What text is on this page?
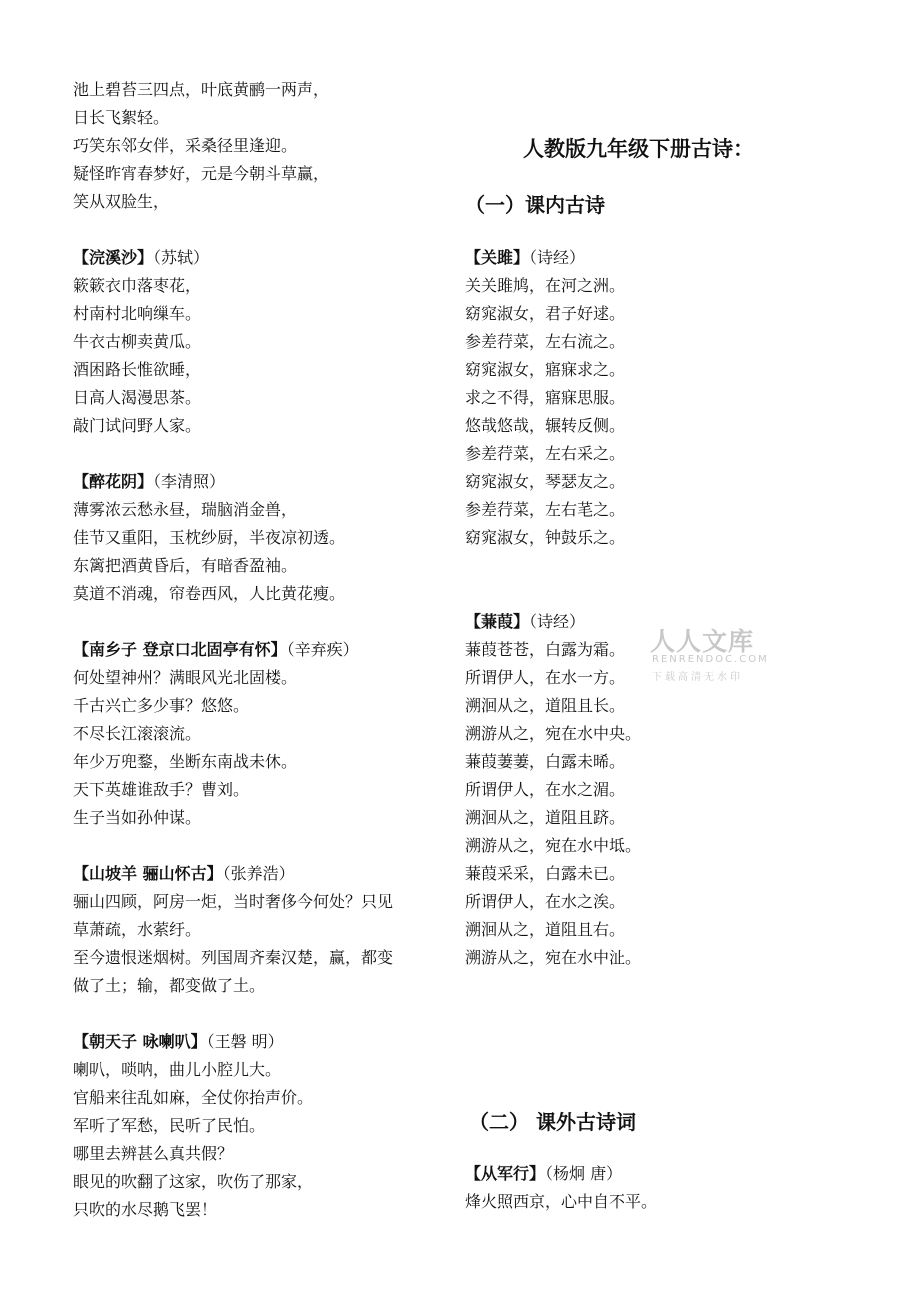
池上碧苔三四点，叶底黄鹂一两声，
日长飞絮轻。
巧笑东邻女伴，采桑径里逢迎。
疑怪昨宵春梦好，元是今朝斗草赢，
笑从双脸生，
【浣溪沙】（苏轼）
簌簌衣巾落枣花，
村南村北响缫车。
牛衣古柳卖黄瓜。
酒困路长惟欲睡，
日高人渴漫思茶。
敲门试问野人家。
【醉花阴】（李清照）
薄雾浓云愁永昼，瑞脑消金兽，
佳节又重阳，玉枕纱厨，半夜凉初透。
东篱把酒黄昏后，有暗香盈袖。
莫道不消魂，帘卷西风，人比黄花瘦。
【南乡子 登京口北固亭有怀】（辛弃疾）
何处望神州？满眼风光北固楼。
千古兴亡多少事？悠悠。
不尽长江滚滚流。
年少万兜鍪，坐断东南战未休。
天下英雄谁敌手？曹刘。
生子当如孙仲谋。
【山坡羊 骊山怀古】（张养浩）
骊山四顾，阿房一炬，当时奢侈今何处？只见
草萧疏，水萦纡。
至今遗恨迷烟树。列国周齐秦汉楚，赢，都变
做了土；输，都变做了土。
【朝天子 咏喇叭】（王磐 明）
喇叭，唢呐，曲儿小腔儿大。
官船来往乱如麻，全仗你抬声价。
军听了军愁，民听了民怕。
哪里去辨甚么真共假？
眼见的吹翻了这家，吹伤了那家，
只吹的水尽鹅飞罢！
人教版九年级下册古诗：
（一）课内古诗
【关雎】（诗经）
关关雎鸠，在河之洲。
窈窕淑女，君子好逑。
参差荇菜，左右流之。
窈窕淑女，寤寐求之。
求之不得，寤寐思服。
悠哉悠哉，辗转反侧。
参差荇菜，左右采之。
窈窕淑女，琴瑟友之。
参差荇菜，左右芼之。
窈窕淑女，钟鼓乐之。
【蒹葭】（诗经）
蒹葭苍苍，白露为霜。
所谓伊人，在水一方。
溯洄从之，道阻且长。
溯游从之，宛在水中央。
蒹葭萋萋，白露未晞。
所谓伊人，在水之湄。
溯洄从之，道阻且跻。
溯游从之，宛在水中坻。
蒹葭采采，白露未已。
所谓伊人，在水之涘。
溯洄从之，道阻且右。
溯游从之，宛在水中沚。
（二） 课外古诗词
【从军行】（杨炯 唐）
烽火照西京，心中自不平。
人人文库
RENRENDOC.COM
下载高清无水印
